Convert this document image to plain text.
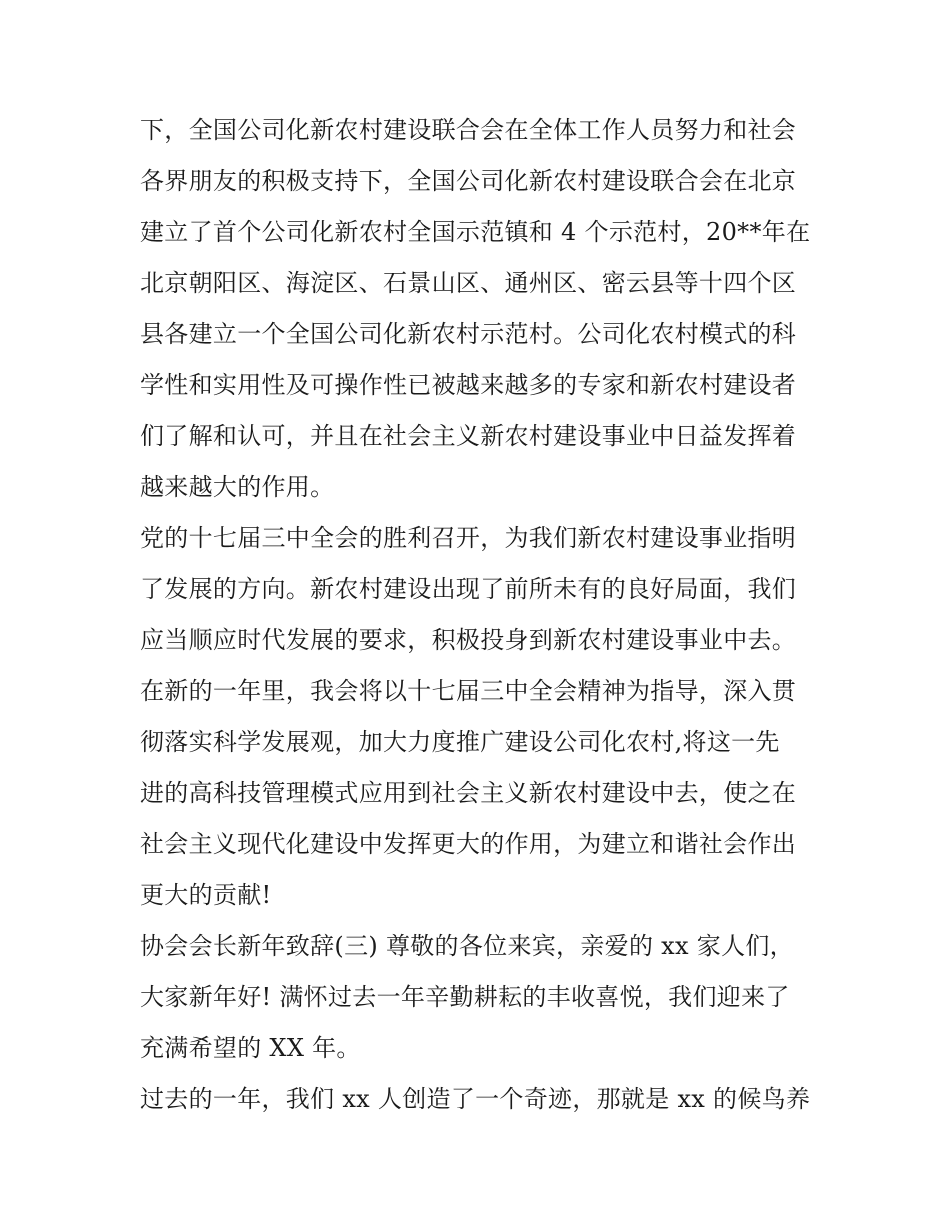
下，全国公司化新农村建设联合会在全体工作人员努力和社会
各界朋友的积极支持下，全国公司化新农村建设联合会在北京
建立了首个公司化新农村全国示范镇和 4 个示范村，20**年在
北京朝阳区、海淀区、石景山区、通州区、密云县等十四个区
县各建立一个全国公司化新农村示范村。公司化农村模式的科
学性和实用性及可操作性已被越来越多的专家和新农村建设者
们了解和认可，并且在社会主义新农村建设事业中日益发挥着
越来越大的作用。
党的十七届三中全会的胜利召开，为我们新农村建设事业指明
了发展的方向。新农村建设出现了前所未有的良好局面，我们
应当顺应时代发展的要求，积极投身到新农村建设事业中去。
在新的一年里，我会将以十七届三中全会精神为指导，深入贯
彻落实科学发展观，加大力度推广建设公司化农村,将这一先
进的高科技管理模式应用到社会主义新农村建设中去，使之在
社会主义现代化建设中发挥更大的作用，为建立和谐社会作出
更大的贡献!
协会会长新年致辞(三) 尊敬的各位来宾，亲爱的 xx 家人们，
大家新年好! 满怀过去一年辛勤耕耘的丰收喜悦，我们迎来了
充满希望的 XX 年。
过去的一年，我们 xx 人创造了一个奇迹，那就是 xx 的候鸟养
